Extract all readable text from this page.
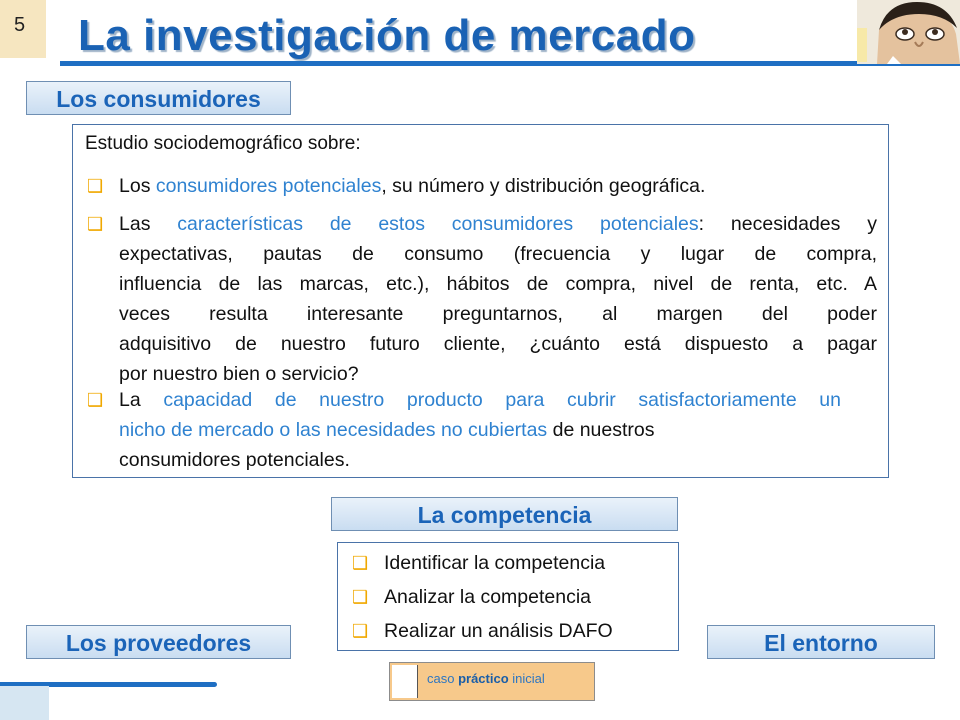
5 La investigación de mercado
Los consumidores
Estudio sociodemográfico sobre:
❑ Los consumidores potenciales, su número y distribución geográfica.
❑ Las características de estos consumidores potenciales: necesidades y
expectativas, pautas de consumo (frecuencia y lugar de compra,
influencia de las marcas, etc.), hábitos de compra, nivel de renta, etc. A
veces resulta interesante preguntarnos, al margen del poder
adquisitivo de nuestro futuro cliente, ¿cuánto está dispuesto a pagar
por nuestro bien o servicio?
❑ La capacidad de nuestro producto para cubrir satisfactoriamente un
nicho de mercado o las necesidades no cubiertas de nuestros
consumidores potenciales.
La competencia
❑ Identificar la competencia
❑ Analizar la competencia
❑ Realizar un análisis DAFO
Los proveedores	El entorno
caso práctico inicial
